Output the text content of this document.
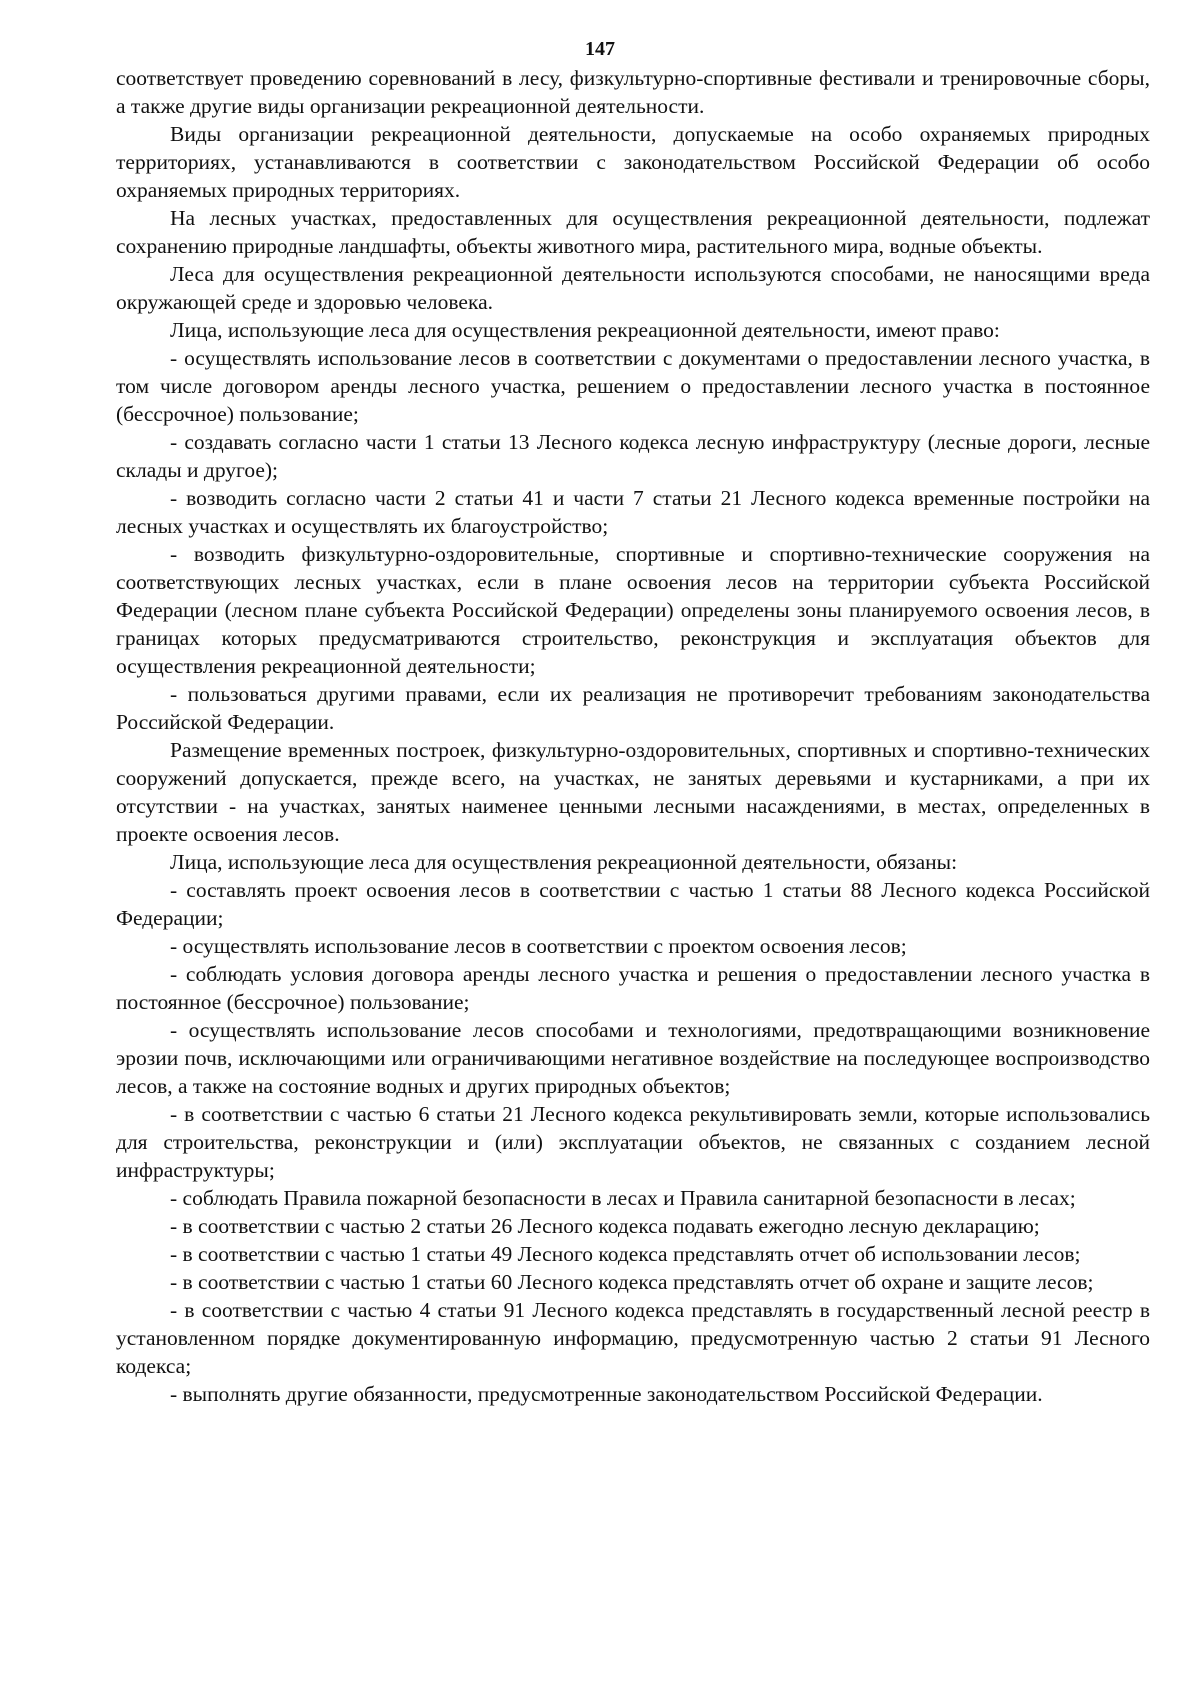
147

соответствует проведению соревнований в лесу, физкультурно-спортивные фестивали и тренировочные сборы, а также другие виды организации рекреационной деятельности.

Виды организации рекреационной деятельности, допускаемые на особо охраняемых природных территориях, устанавливаются в соответствии с законодательством Российской Федерации об особо охраняемых природных территориях.

На лесных участках, предоставленных для осуществления рекреационной деятельности, подлежат сохранению природные ландшафты, объекты животного мира, растительного мира, водные объекты.

Леса для осуществления рекреационной деятельности используются способами, не наносящими вреда окружающей среде и здоровью человека.

Лица, использующие леса для осуществления рекреационной деятельности, имеют право:

- осуществлять использование лесов в соответствии с документами о предоставлении лесного участка, в том числе договором аренды лесного участка, решением о предоставлении лесного участка в постоянное (бессрочное) пользование;

- создавать согласно части 1 статьи 13 Лесного кодекса лесную инфраструктуру (лесные дороги, лесные склады и другое);

- возводить согласно части 2 статьи 41 и части 7 статьи 21 Лесного кодекса временные постройки на лесных участках и осуществлять их благоустройство;

- возводить физкультурно-оздоровительные, спортивные и спортивно-технические сооружения на соответствующих лесных участках, если в плане освоения лесов на территории субъекта Российской Федерации (лесном плане субъекта Российской Федерации) определены зоны планируемого освоения лесов, в границах которых предусматриваются строительство, реконструкция и эксплуатация объектов для осуществления рекреационной деятельности;

- пользоваться другими правами, если их реализация не противоречит требованиям законодательства Российской Федерации.

Размещение временных построек, физкультурно-оздоровительных, спортивных и спортивно-технических сооружений допускается, прежде всего, на участках, не занятых деревьями и кустарниками, а при их отсутствии - на участках, занятых наименее ценными лесными насаждениями, в местах, определенных в проекте освоения лесов.

Лица, использующие леса для осуществления рекреационной деятельности, обязаны:

- составлять проект освоения лесов в соответствии с частью 1 статьи 88 Лесного кодекса Российской Федерации;

- осуществлять использование лесов в соответствии с проектом освоения лесов;

- соблюдать условия договора аренды лесного участка и решения о предоставлении лесного участка в постоянное (бессрочное) пользование;

- осуществлять использование лесов способами и технологиями, предотвращающими возникновение эрозии почв, исключающими или ограничивающими негативное воздействие на последующее воспроизводство лесов, а также на состояние водных и других природных объектов;

- в соответствии с частью 6 статьи 21 Лесного кодекса рекультивировать земли, которые использовались для строительства, реконструкции и (или) эксплуатации объектов, не связанных с созданием лесной инфраструктуры;

- соблюдать Правила пожарной безопасности в лесах и Правила санитарной безопасности в лесах;

- в соответствии с частью 2 статьи 26 Лесного кодекса подавать ежегодно лесную декларацию;

- в соответствии с частью 1 статьи 49 Лесного кодекса представлять отчет об использовании лесов;

- в соответствии с частью 1 статьи 60 Лесного кодекса представлять отчет об охране и защите лесов;

- в соответствии с частью 4 статьи 91 Лесного кодекса представлять в государственный лесной реестр в установленном порядке документированную информацию, предусмотренную частью 2 статьи 91 Лесного кодекса;

- выполнять другие обязанности, предусмотренные законодательством Российской Федерации.
